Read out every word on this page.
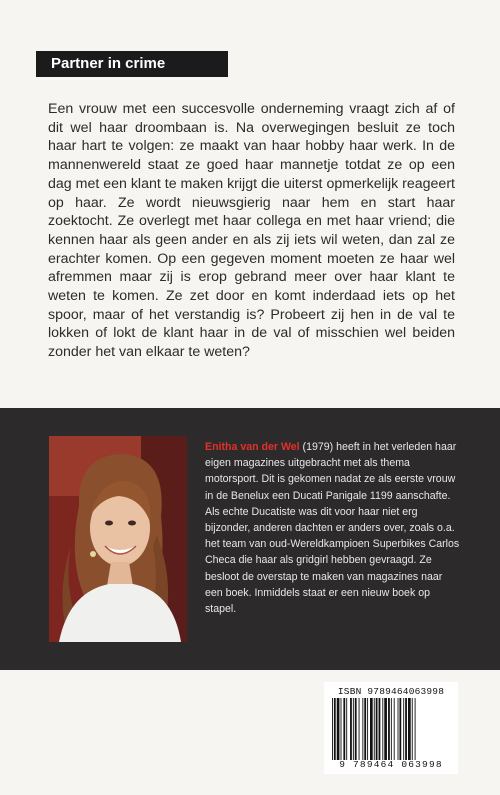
Partner in crime

Een vrouw met een succesvolle onderneming vraagt zich af of dit wel haar droombaan is. Na overwegingen besluit ze toch haar hart te volgen: ze maakt van haar hobby haar werk. In de mannenwereld staat ze goed haar mannetje totdat ze op een dag met een klant te maken krijgt die uiterst opmerkelijk reageert op haar. Ze wordt nieuwsgierig naar hem en start haar zoektocht. Ze overlegt met haar collega en met haar vriend; die kennen haar als geen ander en als zij iets wil weten, dan zal ze erachter komen. Op een gegeven moment moeten ze haar wel afremmen maar zij is erop gebrand meer over haar klant te weten te komen. Ze zet door en komt inderdaad iets op het spoor, maar of het verstandig is? Probeert zij hen in de val te lokken of lokt de klant haar in de val of misschien wel beiden zonder het van elkaar te weten?

Enitha van der Wel (1979) heeft in het verleden haar eigen magazines uitgebracht met als thema motorsport. Dit is gekomen nadat ze als eerste vrouw in de Benelux een Ducati Panigale 1199 aanschafte. Als echte Ducatiste was dit voor haar niet erg bijzonder, anderen dachten er anders over, zoals o.a. het team van oud-Wereldkampioen Superbikes Carlos Checa die haar als gridgirl hebben gevraagd. Ze besloot de overstap te maken van magazines naar een boek. Inmiddels staat er een nieuw boek op stapel.

ISBN 9789464063998
9 789464 063998
